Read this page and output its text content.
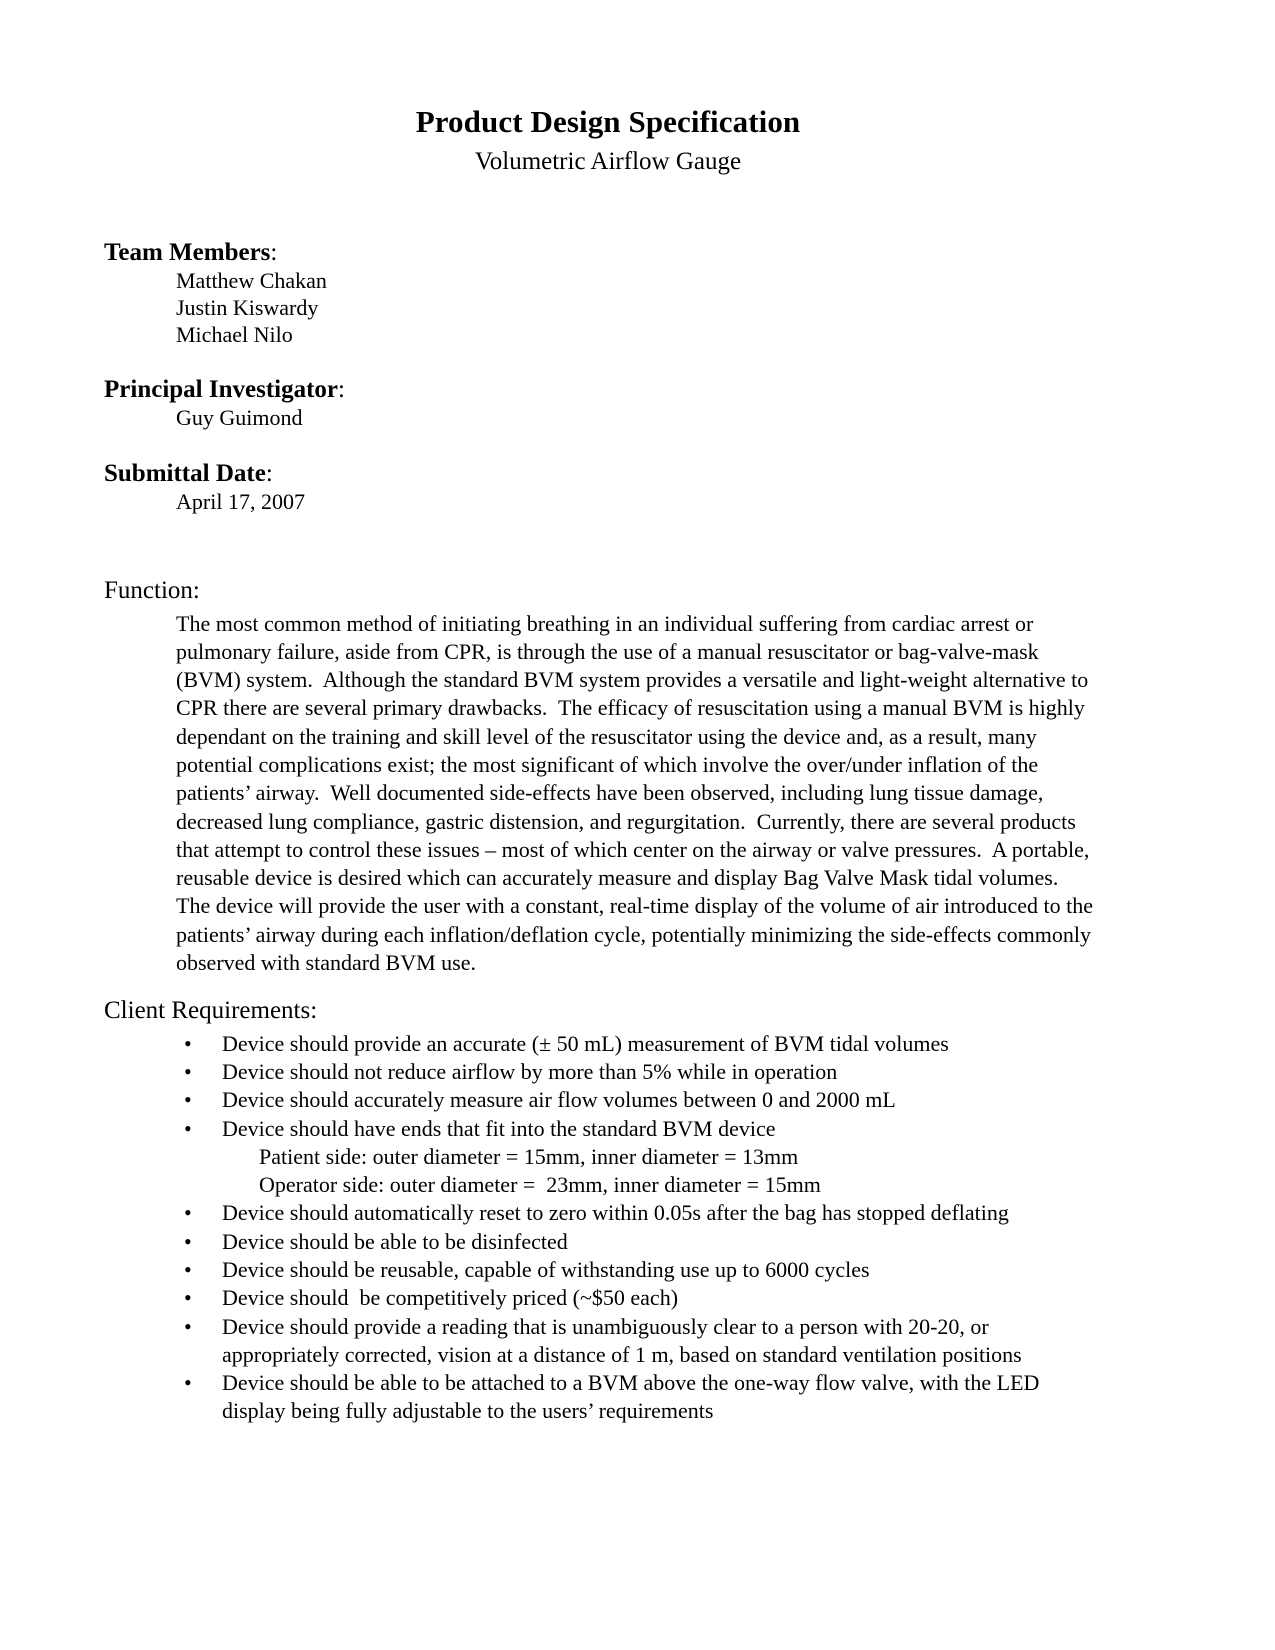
Product Design Specification
Volumetric Airflow Gauge
Team Members:
Matthew Chakan
Justin Kiswardy
Michael Nilo
Principal Investigator:
Guy Guimond
Submittal Date:
April 17, 2007
Function:
The most common method of initiating breathing in an individual suffering from cardiac arrest or pulmonary failure, aside from CPR, is through the use of a manual resuscitator or bag-valve-mask (BVM) system.  Although the standard BVM system provides a versatile and light-weight alternative to CPR there are several primary drawbacks.  The efficacy of resuscitation using a manual BVM is highly dependant on the training and skill level of the resuscitator using the device and, as a result, many potential complications exist; the most significant of which involve the over/under inflation of the patients’ airway.  Well documented side-effects have been observed, including lung tissue damage, decreased lung compliance, gastric distension, and regurgitation.  Currently, there are several products that attempt to control these issues – most of which center on the airway or valve pressures.  A portable, reusable device is desired which can accurately measure and display Bag Valve Mask tidal volumes.  The device will provide the user with a constant, real-time display of the volume of air introduced to the patients’ airway during each inflation/deflation cycle, potentially minimizing the side-effects commonly observed with standard BVM use.
Client Requirements:
• Device should provide an accurate (± 50 mL) measurement of BVM tidal volumes
• Device should not reduce airflow by more than 5% while in operation
• Device should accurately measure air flow volumes between 0 and 2000 mL
• Device should have ends that fit into the standard BVM device
Patient side: outer diameter = 15mm, inner diameter = 13mm
Operator side: outer diameter =  23mm, inner diameter = 15mm
• Device should automatically reset to zero within 0.05s after the bag has stopped deflating
• Device should be able to be disinfected
• Device should be reusable, capable of withstanding use up to 6000 cycles
• Device should  be competitively priced (~$50 each)
• Device should provide a reading that is unambiguously clear to a person with 20-20, or appropriately corrected, vision at a distance of 1 m, based on standard ventilation positions
• Device should be able to be attached to a BVM above the one-way flow valve, with the LED display being fully adjustable to the users’ requirements
